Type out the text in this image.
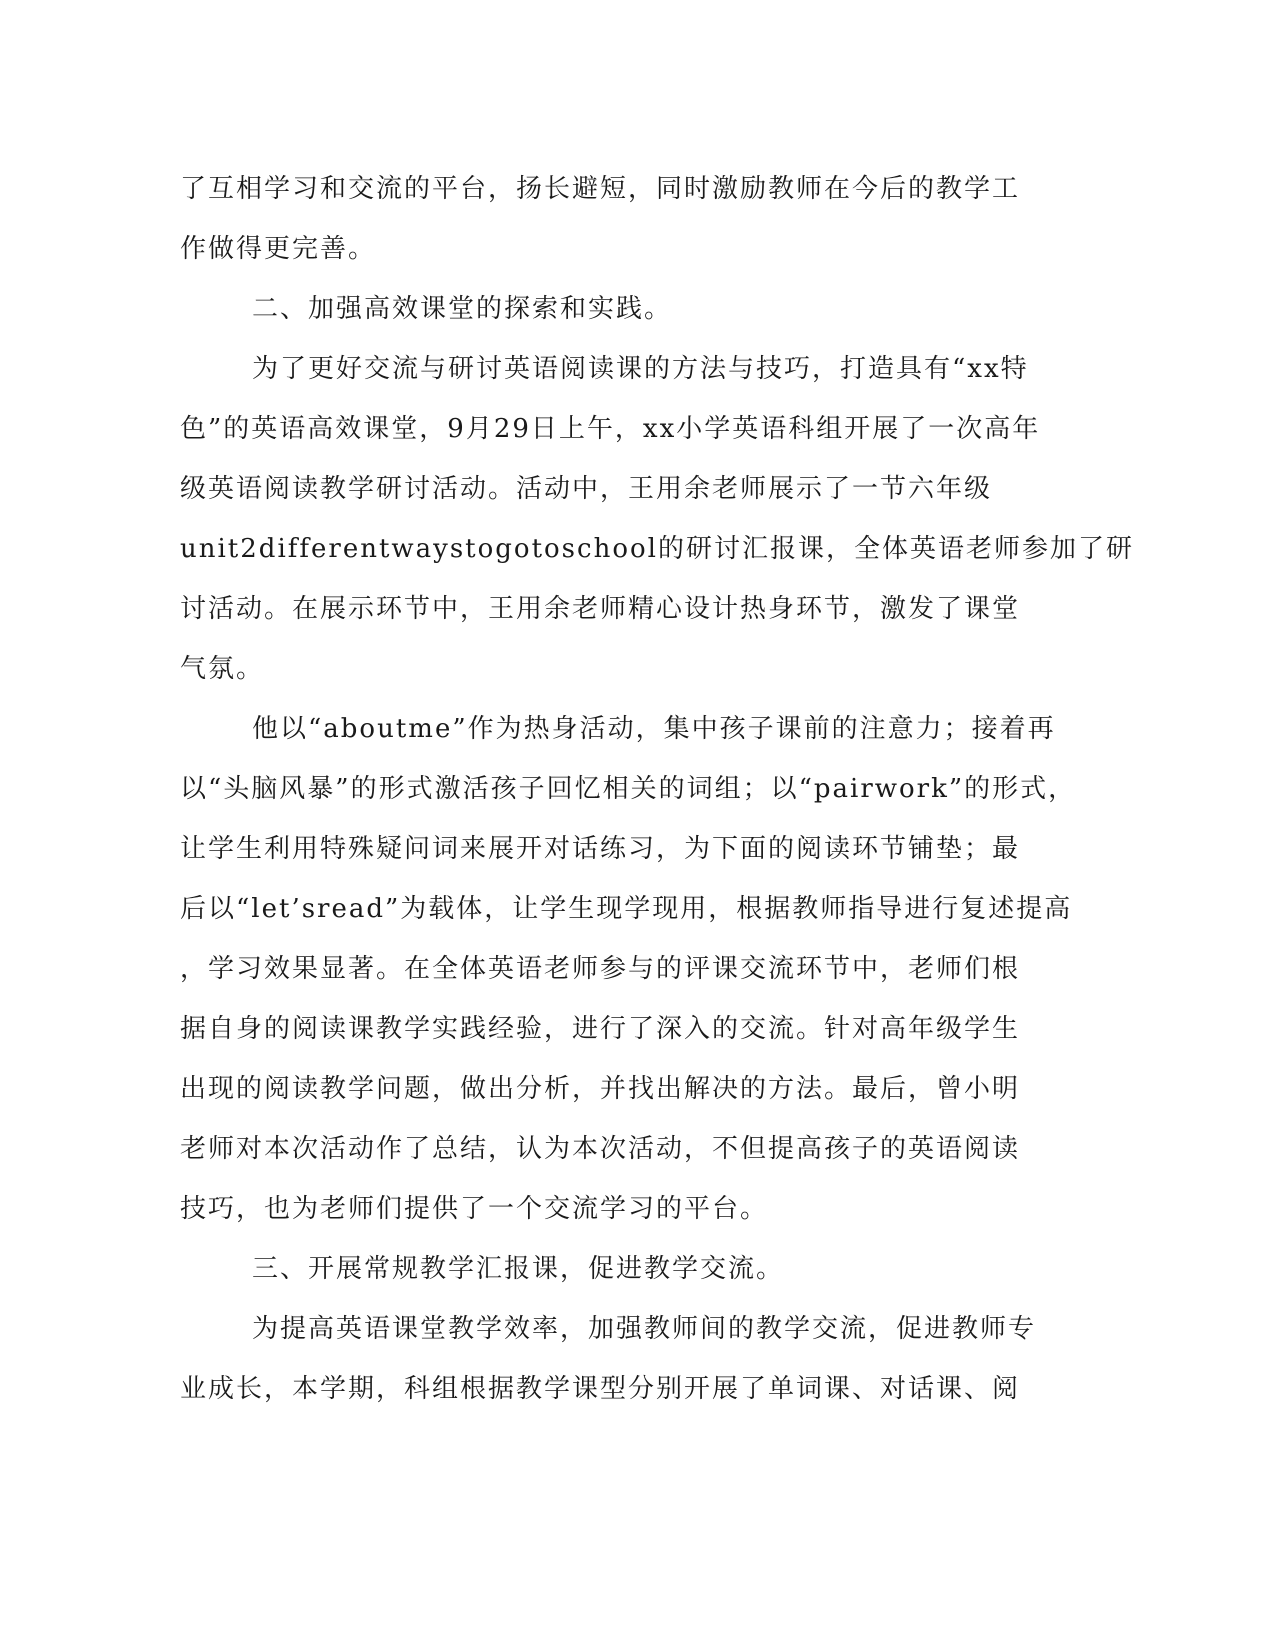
了互相学习和交流的平台，扬长避短，同时激励教师在今后的教学工
作做得更完善。
二、加强高效课堂的探索和实践。
为了更好交流与研讨英语阅读课的方法与技巧，打造具有“xx特
色”的英语高效课堂，9月29日上午，xx小学英语科组开展了一次高年
级英语阅读教学研讨活动。活动中，王用余老师展示了一节六年级
unit2differentwaystogotoschool的研讨汇报课，全体英语老师参加了研
讨活动。在展示环节中，王用余老师精心设计热身环节，激发了课堂
气氛。
他以“aboutme”作为热身活动，集中孩子课前的注意力；接着再
以“头脑风暴”的形式激活孩子回忆相关的词组；以“pairwork”的形式，
让学生利用特殊疑问词来展开对话练习，为下面的阅读环节铺垫；最
后以“let’sread”为载体，让学生现学现用，根据教师指导进行复述提高
，学习效果显著。在全体英语老师参与的评课交流环节中，老师们根
据自身的阅读课教学实践经验，进行了深入的交流。针对高年级学生
出现的阅读教学问题，做出分析，并找出解决的方法。最后，曾小明
老师对本次活动作了总结，认为本次活动，不但提高孩子的英语阅读
技巧，也为老师们提供了一个交流学习的平台。
三、开展常规教学汇报课，促进教学交流。
为提高英语课堂教学效率，加强教师间的教学交流，促进教师专
业成长，本学期，科组根据教学课型分别开展了单词课、对话课、阅
